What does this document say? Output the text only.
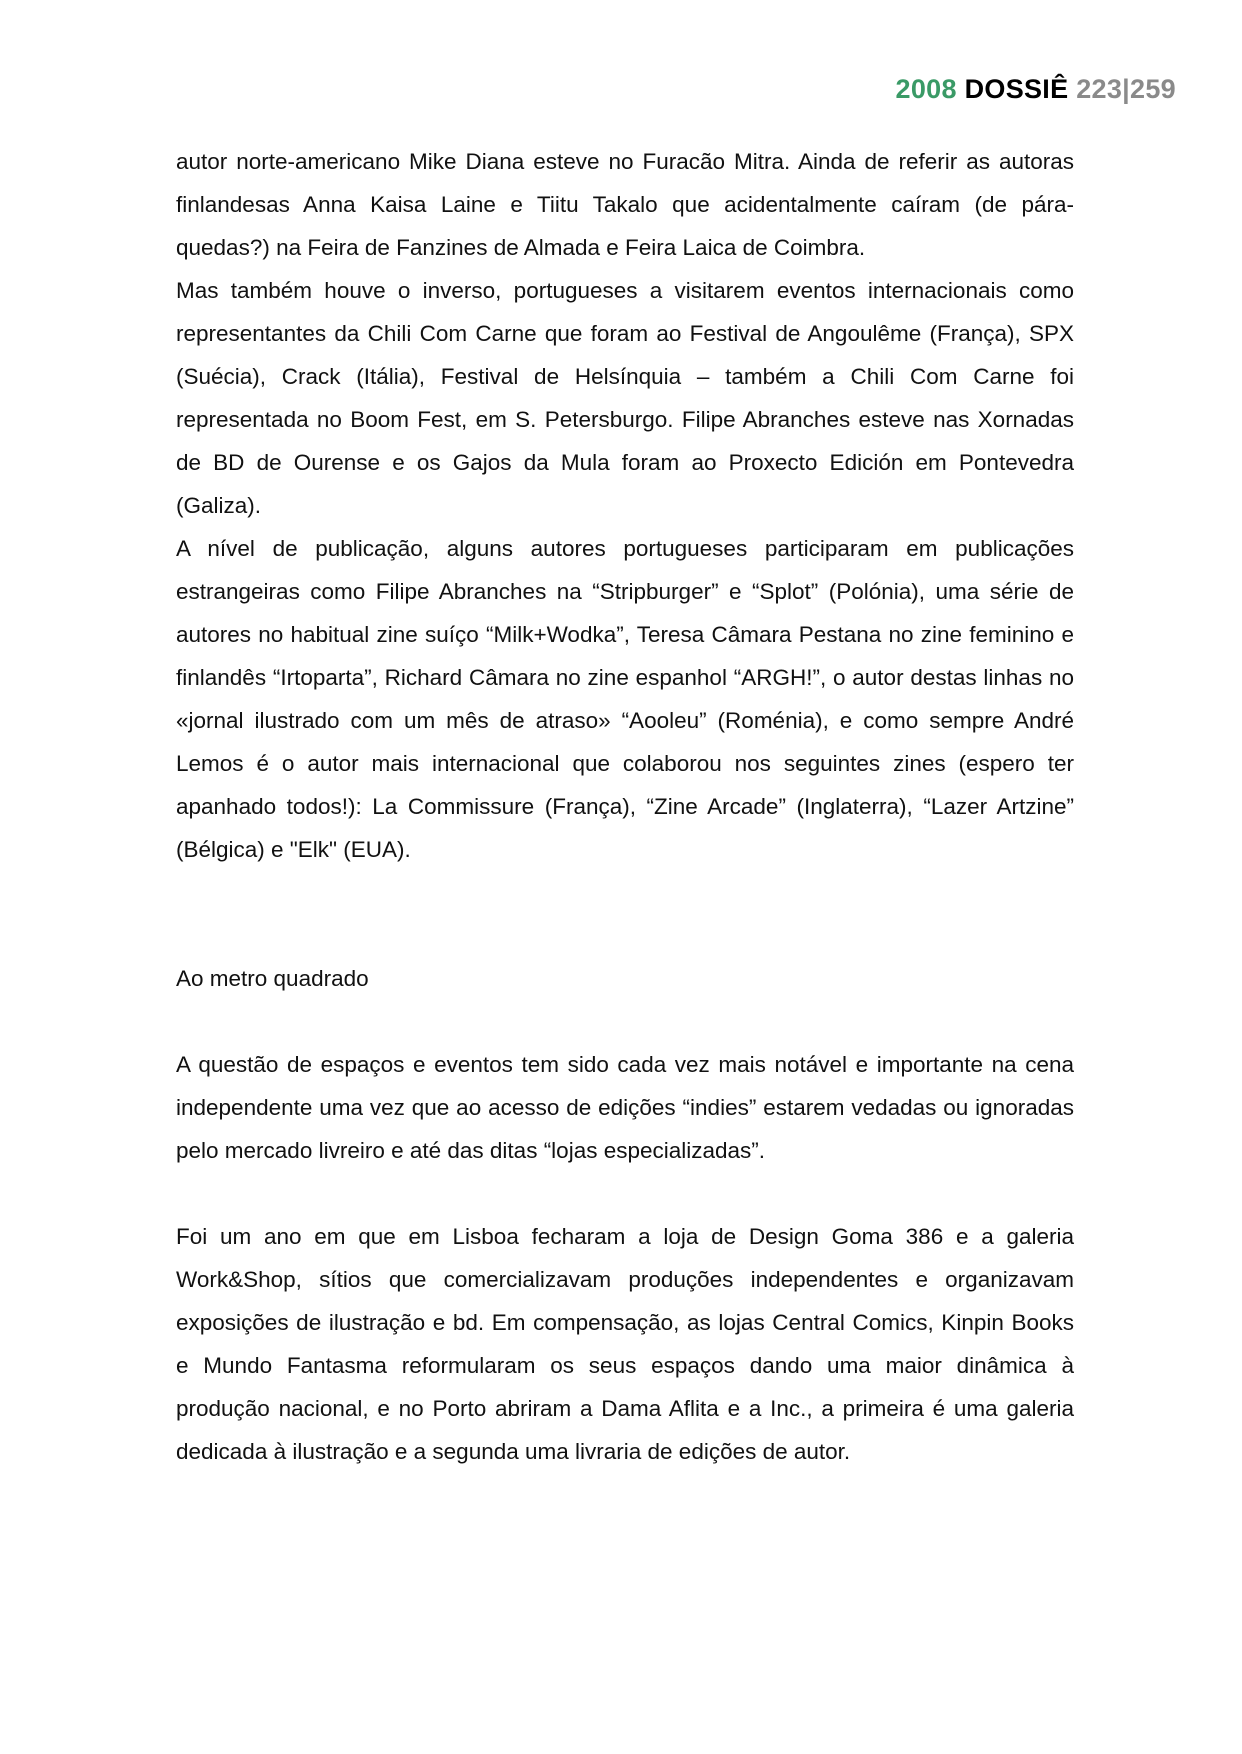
2008 DOSSIÊ 223|259

autor norte-americano Mike Diana esteve no Furacão Mitra. Ainda de referir as autoras finlandesas Anna Kaisa Laine e Tiitu Takalo que acidentalmente caíram (de pára-quedas?) na Feira de Fanzines de Almada e Feira Laica de Coimbra.

Mas também houve o inverso, portugueses a visitarem eventos internacionais como representantes da Chili Com Carne que foram ao Festival de Angoulême (França), SPX (Suécia), Crack (Itália), Festival de Helsínquia – também a Chili Com Carne foi representada no Boom Fest, em S. Petersburgo. Filipe Abranches esteve nas Xornadas de BD de Ourense e os Gajos da Mula foram ao Proxecto Edición em Pontevedra (Galiza).

A nível de publicação, alguns autores portugueses participaram em publicações estrangeiras como Filipe Abranches na “Stripburger” e “Splot” (Polónia), uma série de autores no habitual zine suíço “Milk+Wodka”, Teresa Câmara Pestana no zine feminino e finlandês “Irtoparta”, Richard Câmara no zine espanhol “ARGH!”, o autor destas linhas no «jornal ilustrado com um mês de atraso» “Aooleu” (Roménia), e como sempre André Lemos é o autor mais internacional que colaborou nos seguintes zines (espero ter apanhado todos!): La Commissure (França), “Zine Arcade” (Inglaterra), “Lazer Artzine” (Bélgica) e "Elk" (EUA).

Ao metro quadrado

A questão de espaços e eventos tem sido cada vez mais notável e importante na cena independente uma vez que ao acesso de edições “indies” estarem vedadas ou ignoradas pelo mercado livreiro e até das ditas “lojas especializadas”.

Foi um ano em que em Lisboa fecharam a loja de Design Goma 386 e a galeria Work&Shop, sítios que comercializavam produções independentes e organizavam exposições de ilustração e bd. Em compensação, as lojas Central Comics, Kinpin Books e Mundo Fantasma reformularam os seus espaços dando uma maior dinâmica à produção nacional, e no Porto abriram a Dama Aflita e a Inc., a primeira é uma galeria dedicada à ilustração e a segunda uma livraria de edições de autor.
